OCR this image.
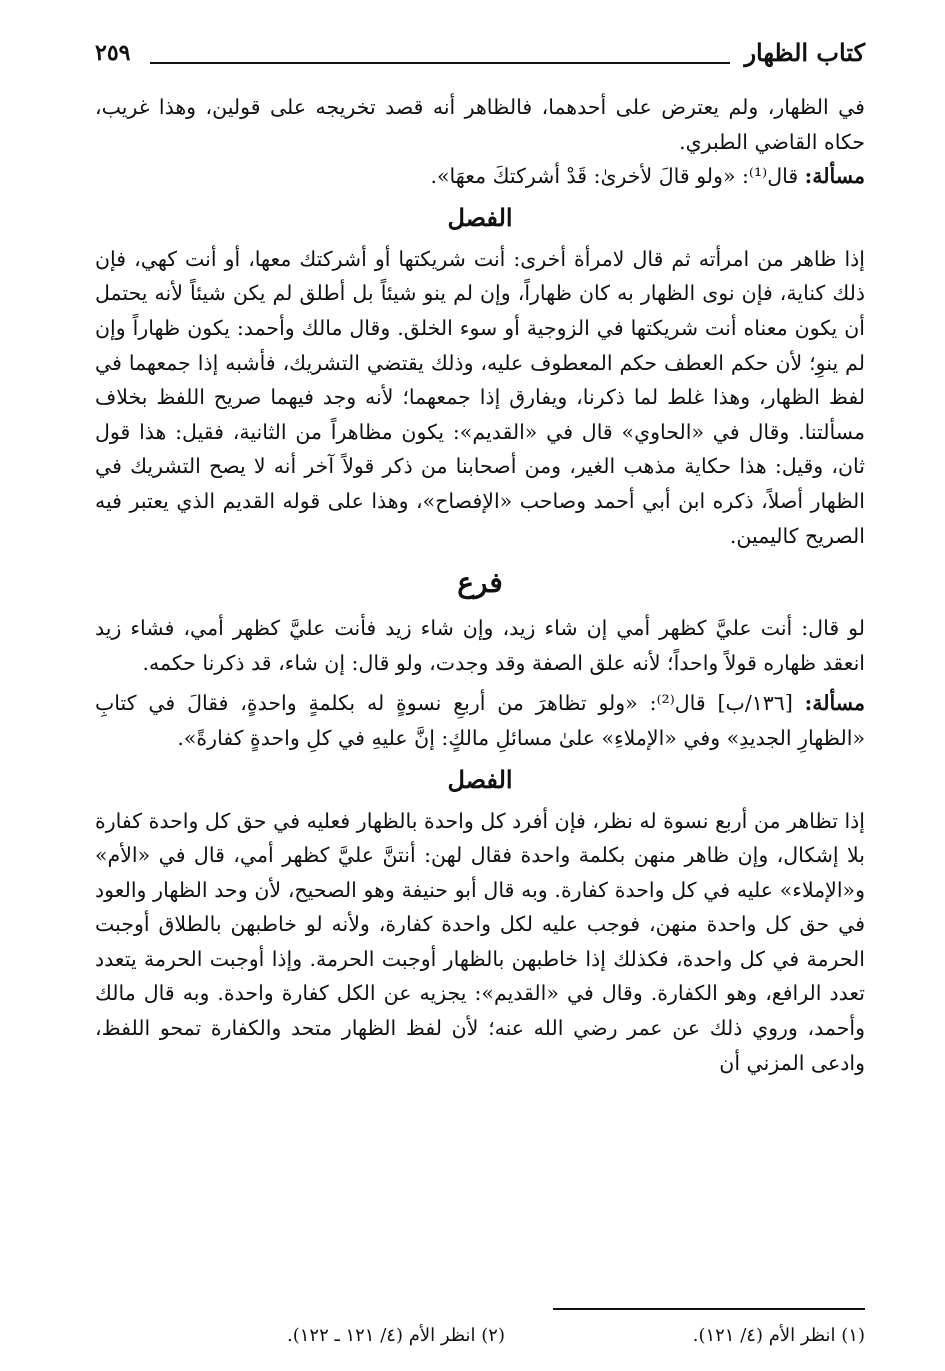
كتاب الظهار
٢٥٩

في الظهار، ولم يعترض على أحدهما، فالظاهر أنه قصد تخريجه على قولين، وهذا غريب، حكاه القاضي الطبري.

مسألة: قال⁽¹⁾: «ولو قالَ لأخرىٰ: قَدْ أشركتكَ معهَا».

الفصل

إذا ظاهر من امرأته ثم قال لامرأة أخرى: أنت شريكتها أو أشركتك معها، أو أنت كهي، فإن ذلك كناية، فإن نوى الظهار به كان ظهاراً، وإن لم ينو شيئاً بل أطلق لم يكن شيئاً لأنه يحتمل أن يكون معناه أنت شريكتها في الزوجية أو سوء الخلق. وقال مالك وأحمد: يكون ظهاراً وإن لم ينوِ؛ لأن حكم العطف حكم المعطوف عليه، وذلك يقتضي التشريك، فأشبه إذا جمعهما في لفظ الظهار، وهذا غلط لما ذكرنا، ويفارق إذا جمعهما؛ لأنه وجد فيهما صريح اللفظ بخلاف مسألتنا. وقال في «الحاوي» قال في «القديم»: يكون مظاهراً من الثانية، فقيل: هذا قول ثان، وقيل: هذا حكاية مذهب الغير، ومن أصحابنا من ذكر قولاً آخر أنه لا يصح التشريك في الظهار أصلاً، ذكره ابن أبي أحمد وصاحب «الإفصاح»، وهذا على قوله القديم الذي يعتبر فيه الصريح كاليمين.

فرع

لو قال: أنت عليَّ كظهر أمي إن شاء زيد، وإن شاء زيد فأنت عليَّ كظهر أمي، فشاء زيد انعقد ظهاره قولاً واحداً؛ لأنه علق الصفة وقد وجدت، ولو قال: إن شاء، قد ذكرنا حكمه.

مسألة: [١٣٦/ب] قال⁽²⁾: «ولو تظاهرَ من أربعِ نسوةٍ له بكلمةٍ واحدةٍ، فقالَ في كتابِ «الظهارِ الجديدِ» وفي «الإملاءِ» علىٰ مسائلِ مالكٍ: إنَّ عليهِ في كلِ واحدةٍ كفارةً».

الفصل

إذا تظاهر من أربع نسوة له نظر، فإن أفرد كل واحدة بالظهار فعليه في حق كل واحدة كفارة بلا إشكال، وإن ظاهر منهن بكلمة واحدة فقال لهن: أنتنَّ عليَّ كظهر أمي، قال في «الأم» و«الإملاء» عليه في كل واحدة كفارة. وبه قال أبو حنيفة وهو الصحيح، لأن وحد الظهار والعود في حق كل واحدة منهن، فوجب عليه لكل واحدة كفارة، ولأنه لو خاطبهن بالطلاق أوجبت الحرمة في كل واحدة، فكذلك إذا خاطبهن بالظهار أوجبت الحرمة. وإذا أوجبت الحرمة يتعدد تعدد الرافع، وهو الكفارة. وقال في «القديم»: يجزيه عن الكل كفارة واحدة. وبه قال مالك وأحمد، وروي ذلك عن عمر رضي الله عنه؛ لأن لفظ الظهار متحد والكفارة تمحو اللفظ، وادعى المزني أن

(١) انظر الأم (٤/ ١٢١).
(٢) انظر الأم (٤/ ١٢١ ـ ١٢٢).
